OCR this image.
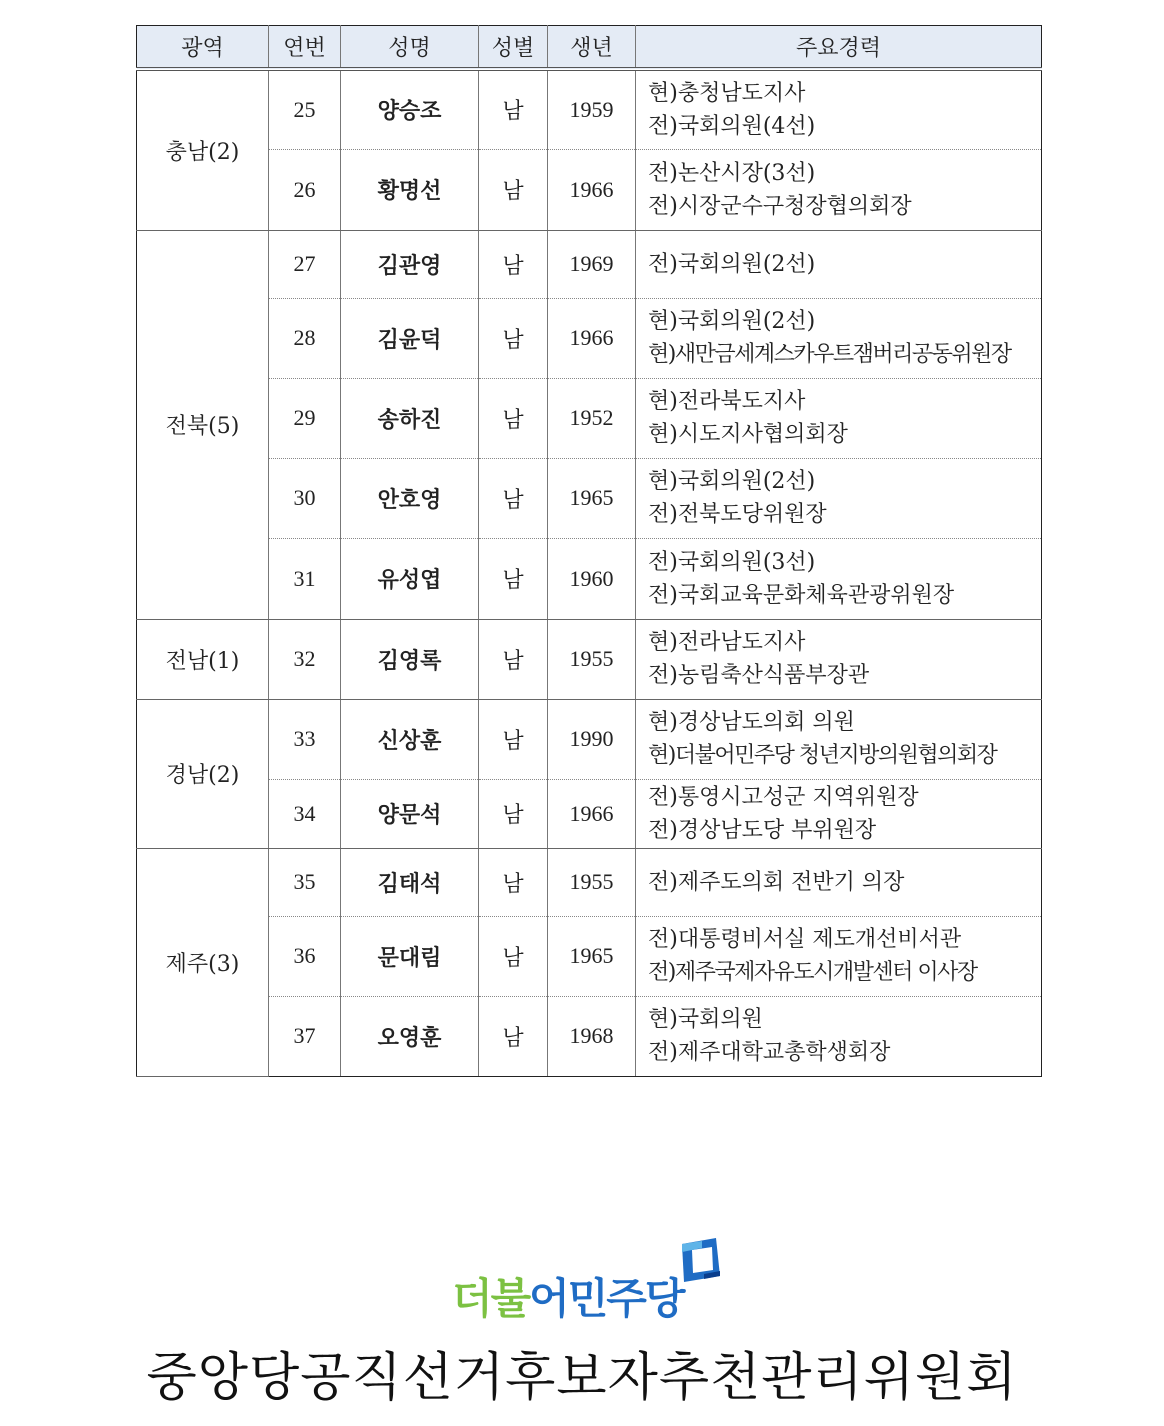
광역	연번	성명	성별	생년	주요경력
충남(2)	25	양승조	남	1959	현)충청남도지사
전)국회의원(4선)

	26	황명선	남	1966	전)논산시장(3선)
전)시장군수구청장협의회장

전북(5)	27	김관영	남	1969	전)국회의원(2선)

	28	김윤덕	남	1966	현)국회의원(2선)
현)새만금세계스카우트잼버리공동위원장

	29	송하진	남	1952	현)전라북도지사
현)시도지사협의회장

	30	안호영	남	1965	현)국회의원(2선)
전)전북도당위원장

	31	유성엽	남	1960	전)국회의원(3선)
전)국회교육문화체육관광위원장

전남(1)	32	김영록	남	1955	현)전라남도지사
전)농림축산식품부장관

경남(2)	33	신상훈	남	1990	현)경상남도의회 의원
현)더불어민주당 청년지방의원협의회장

	34	양문석	남	1966	전)통영시고성군 지역위원장
전)경상남도당 부위원장

제주(3)	35	김태석	남	1955	전)제주도의회 전반기 의장

	36	문대림	남	1965	전)대통령비서실 제도개선비서관
전)제주국제자유도시개발센터 이사장

	37	오영훈	남	1968	현)국회의원
전)제주대학교총학생회장
더불어민주당
중앙당공직선거후보자추천관리위원회
